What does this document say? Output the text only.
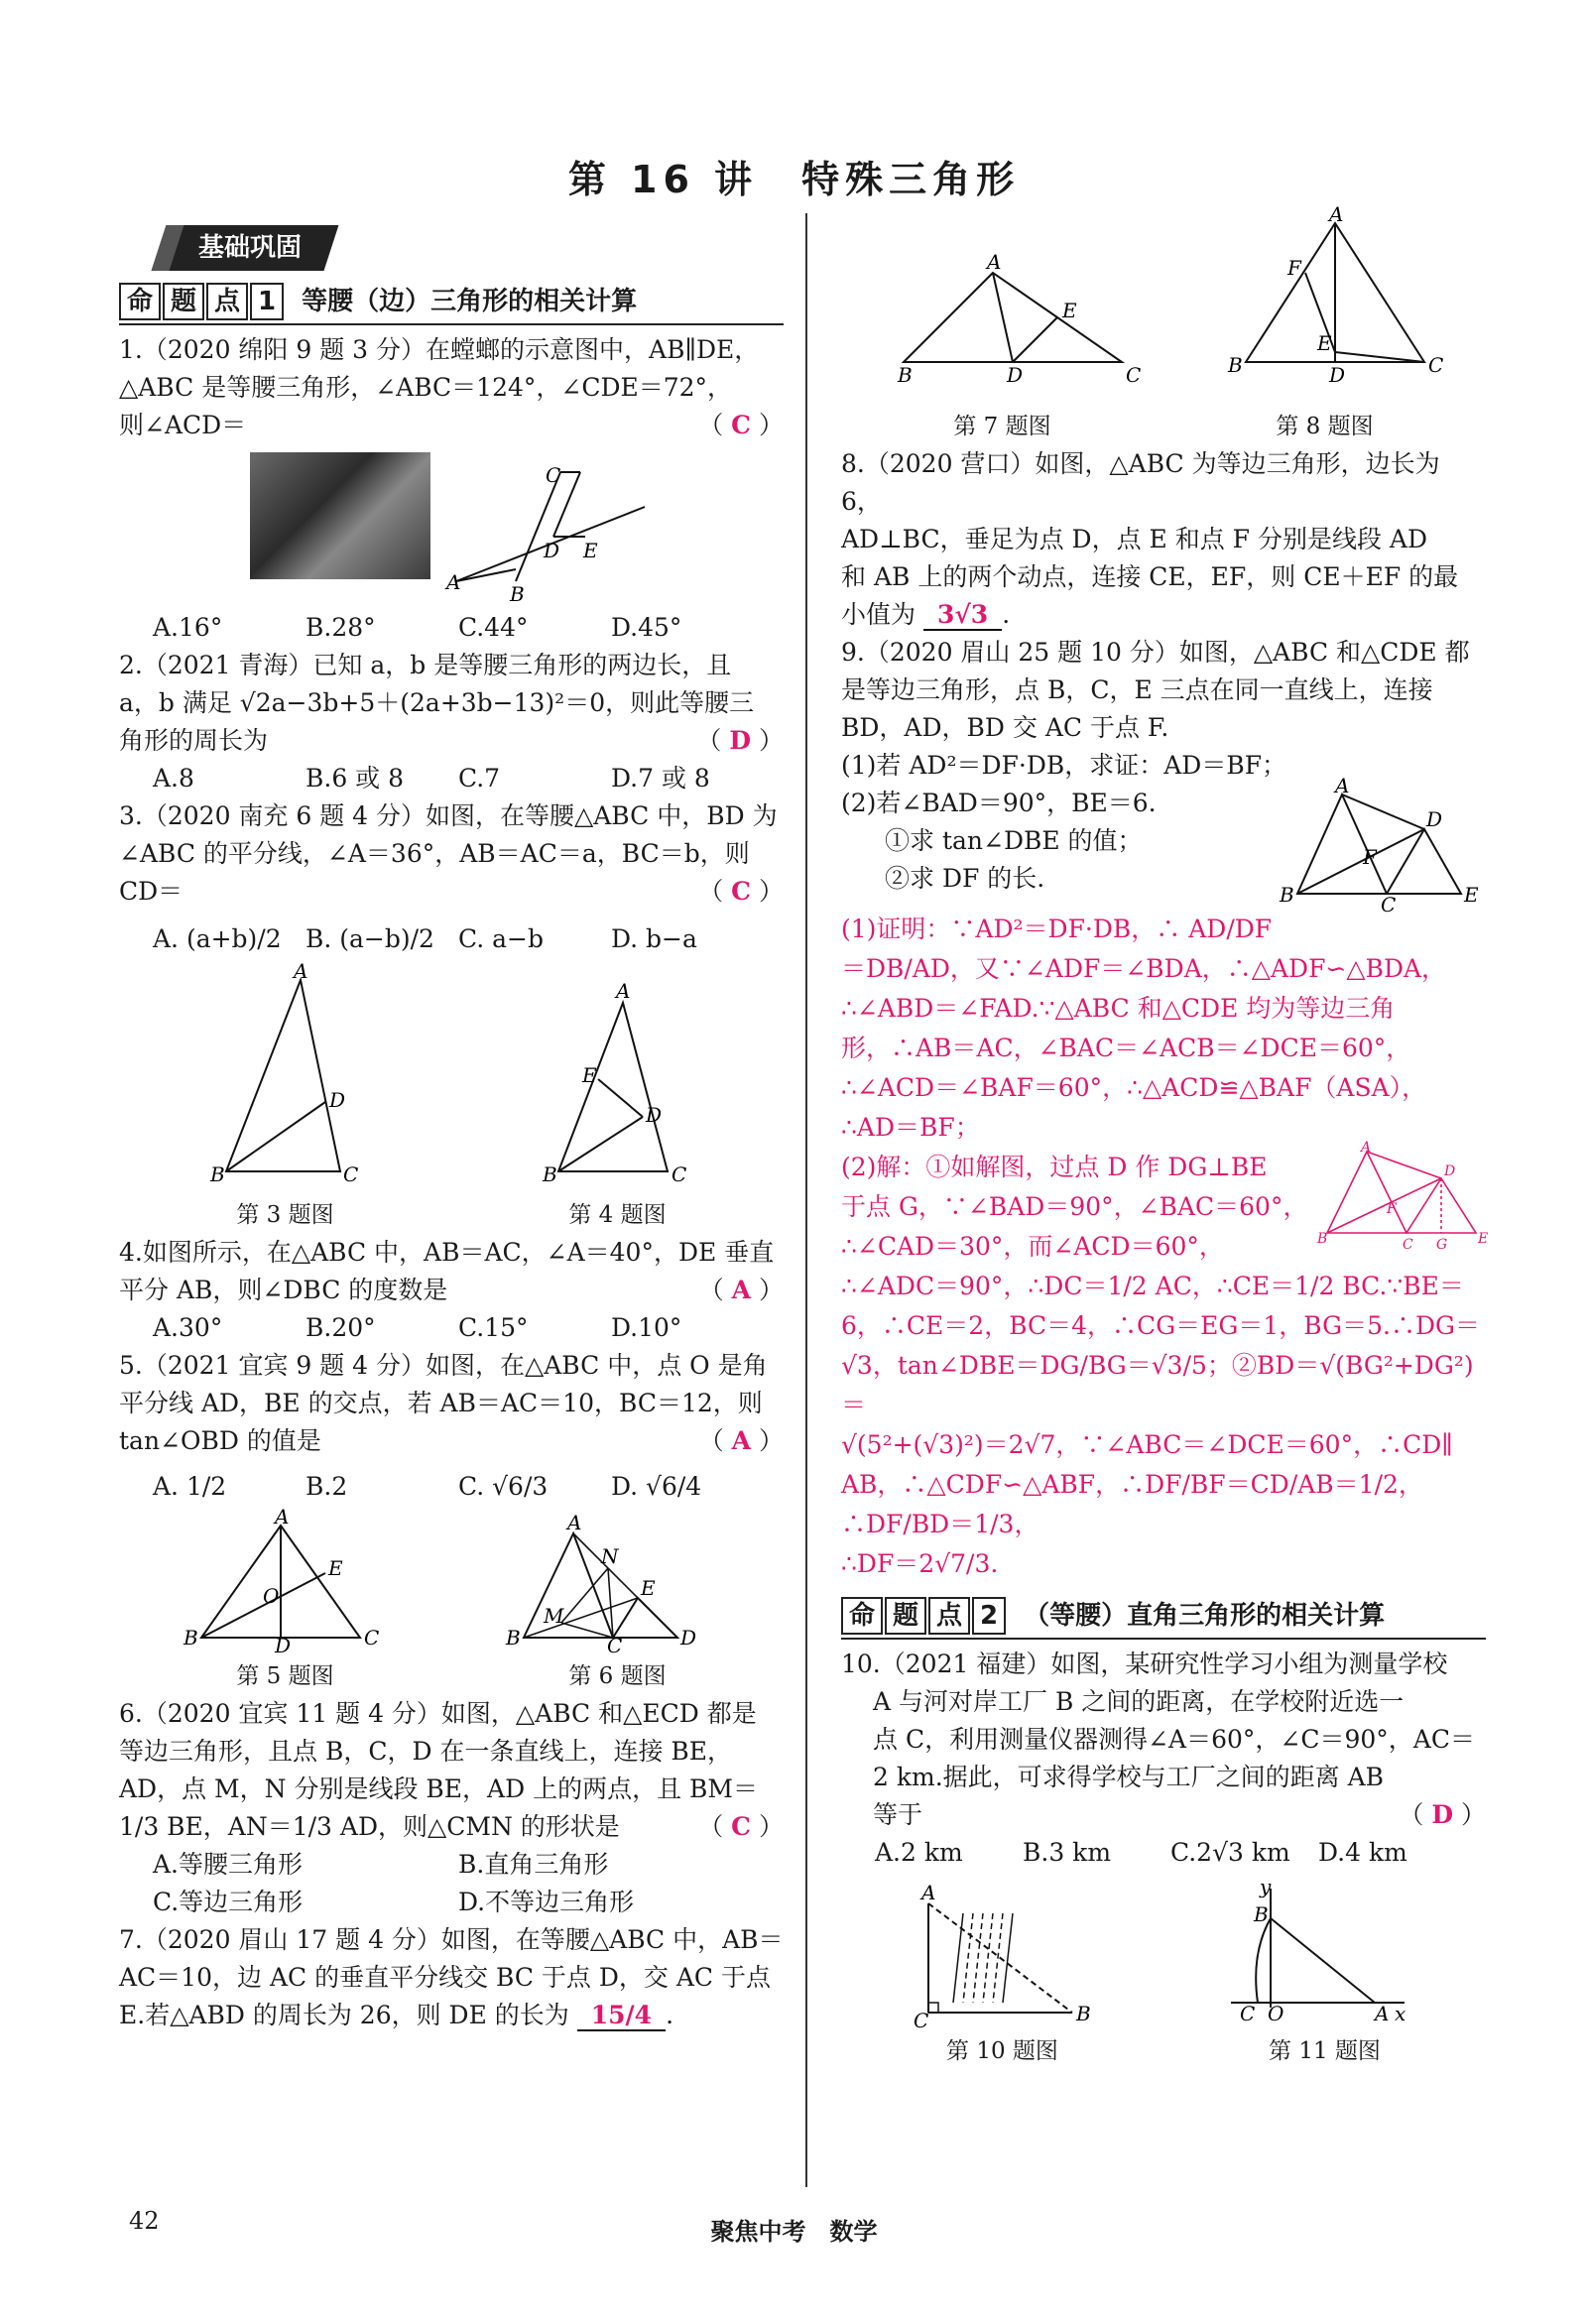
第 16 讲　特殊三角形
基础巩固
命 题 点 1	等腰（边）三角形的相关计算

1.（2020 绵阳 9 题 3 分）在螳螂的示意图中，AB∥DE，

△ABC 是等腰三角形，∠ABC＝124°，∠CDE＝72°，

则∠ACD＝	（ C ）

A B
C
D E
A.16°	B.28°	C.44°	D.45°

2.（2021 青海）已知 a，b 是等腰三角形的两边长，且

a，b 满足 √2a−3b+5＋(2a+3b−13)²＝0，则此等腰三

角形的周长为	（ D ）

A.8	B.6 或 8	C.7	D.7 或 8

3.（2020 南充 6 题 4 分）如图，在等腰△ABC 中，BD 为

∠ABC 的平分线，∠A＝36°，AB＝AC＝a，BC＝b，则

CD＝	（ C ）

A. (a+b)/2 B. (a−b)/2 C. a−b	D. b−a
A
B	C
D
A
B	C
D
E
第 3 题图	第 4 题图

4.如图所示，在△ABC 中，AB＝AC，∠A＝40°，DE 垂直

平分 AB，则∠DBC 的度数是	（ A ）

A.30°	B.20°	C.15°	D.10°

5.（2021 宜宾 9 题 4 分）如图，在△ABC 中，点 O 是角

平分线 AD，BE 的交点，若 AB＝AC＝10，BC＝12，则

tan∠OBD 的值是	（ A ）

A. 1/2	B.2	C. √6/3	D. √6/4
A
B	C
D
E
O
A
B	C	D
E
N
M
第 5 题图	第 6 题图

6.（2020 宜宾 11 题 4 分）如图，△ABC 和△ECD 都是

等边三角形，且点 B，C，D 在一条直线上，连接 BE，

AD，点 M，N 分别是线段 BE，AD 上的两点，且 BM＝

1/3 BE，AN＝1/3 AD，则△CMN 的形状是	（ C ）

A.等腰三角形	B.直角三角形
C.等边三角形	D.不等边三角形

7.（2020 眉山 17 题 4 分）如图，在等腰△ABC 中，AB＝

AC＝10，边 AC 的垂直平分线交 BC 于点 D，交 AC 于点

E.若△ABD 的周长为 26，则 DE 的长为 15/4 .

A
B	C
D
E
A
B	C
D
E
F
第 7 题图	第 8 题图

8.（2020 营口）如图，△ABC 为等边三角形，边长为 6，

AD⊥BC，垂足为点 D，点 E 和点 F 分别是线段 AD

和 AB 上的两个动点，连接 CE，EF，则 CE＋EF 的最

小值为 3√3 .

9.（2020 眉山 25 题 10 分）如图，△ABC 和△CDE 都

是等边三角形，点 B，C，E 三点在同一直线上，连接

BD，AD，BD 交 AC 于点 F.

(1)若 AD²＝DF·DB，求证：AD＝BF；

(2)若∠BAD＝90°，BE＝6.

①求 tan∠DBE 的值；

②求 DF 的长.

A
B	C
D
E
F

(1)证明：∵AD²＝DF·DB，∴ AD/DF

＝DB/AD，又∵∠ADF＝∠BDA，∴△ADF∽△BDA，

∴∠ABD＝∠FAD.∵△ABC 和△CDE 均为等边三角

形，∴AB＝AC，∠BAC＝∠ACB＝∠DCE＝60°，

∴∠ACD＝∠BAF＝60°，∴△ACD≌△BAF（ASA），

∴AD＝BF；

(2)解：①如解图，过点 D 作 DG⊥BE

于点 G，∵∠BAD＝90°，∠BAC＝60°，

∴∠CAD＝30°，而∠ACD＝60°，

A
B	C G E
D
F

∴∠ADC＝90°，∴DC＝1/2 AC，∴CE＝1/2 BC.∵BE＝

6，∴CE＝2，BC＝4，∴CG＝EG＝1，BG＝5.∴DG＝

√3，tan∠DBE＝DG/BG＝√3/5；②BD＝√(BG²+DG²)＝

√(5²+(√3)²)＝2√7，∵∠ABC＝∠DCE＝60°，∴CD∥

AB，∴△CDF∽△ABF，∴DF/BF＝CD/AB＝1/2，∴DF/BD＝1/3，

∴DF＝2√7/3.

命 题 点 2	（等腰）直角三角形的相关计算

10.（2021 福建）如图，某研究性学习小组为测量学校

A 与河对岸工厂 B 之间的距离，在学校附近选一

点 C，利用测量仪器测得∠A＝60°，∠C＝90°，AC＝

2 km.据此，可求得学校与工厂之间的距离 AB

等于	（ D ）

A.2 km	B.3 km	C.2√3 km	D.4 km
A
C	B
y
B
C O	A x
第 10 题图	第 11 题图
42	聚焦中考　数学
